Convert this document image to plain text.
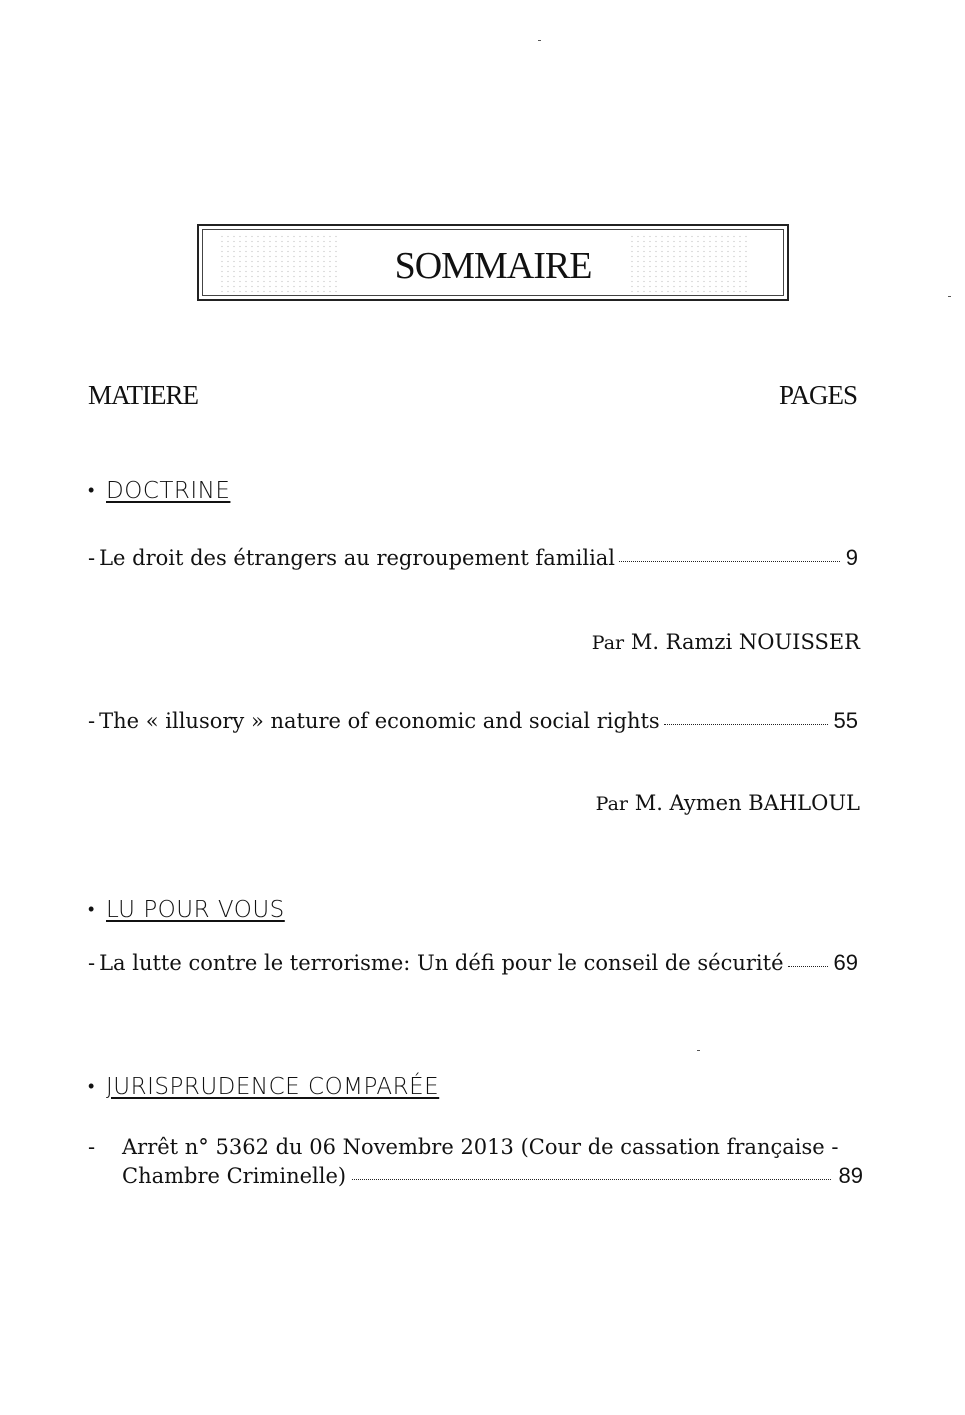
SOMMAIRE
MATIERE	PAGES
• DOCTRINE
- Le droit des étrangers au regroupement familial	9
Par M. Ramzi NOUISSER
- The « illusory » nature of economic and social rights	55
Par M. Aymen BAHLOUL
• LU POUR VOUS
- La lutte contre le terrorisme: Un défi pour le conseil de sécurité 69
• JURISPRUDENCE COMPARÉE
-	Arrêt n° 5362 du 06 Novembre 2013 (Cour de cassation française -
Chambre Criminelle)	89
